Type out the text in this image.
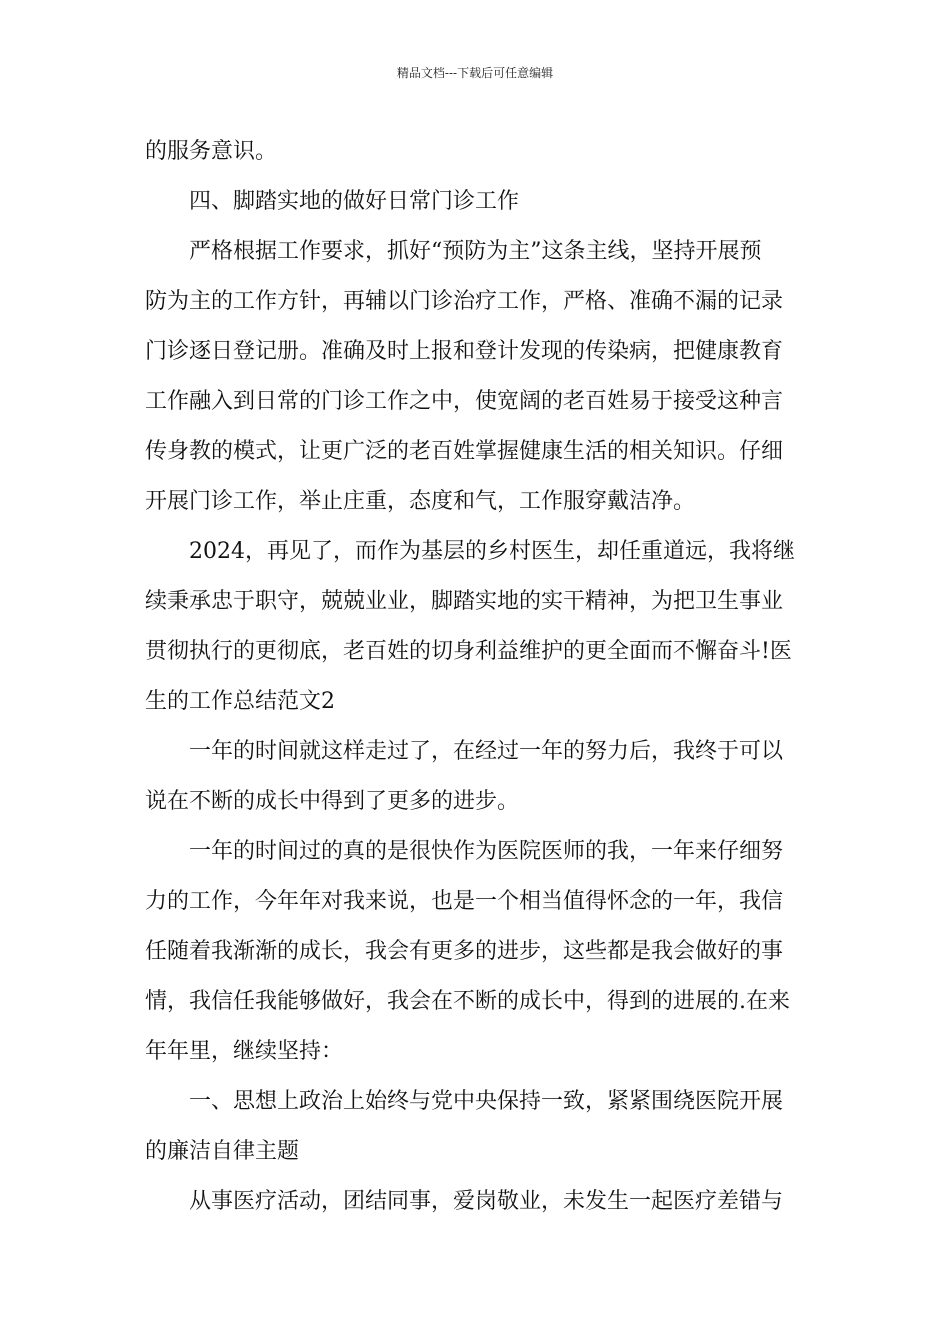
精品文档---下载后可任意编辑

的服务意识。

四、脚踏实地的做好日常门诊工作

严格根据工作要求，抓好“预防为主”这条主线，坚持开展预
防为主的工作方针，再辅以门诊治疗工作，严格、准确不漏的记录
门诊逐日登记册。准确及时上报和登计发现的传染病，把健康教育
工作融入到日常的门诊工作之中，使宽阔的老百姓易于接受这种言
传身教的模式，让更广泛的老百姓掌握健康生活的相关知识。仔细
开展门诊工作，举止庄重，态度和气，工作服穿戴洁净。

2024，再见了，而作为基层的乡村医生，却任重道远，我将继
续秉承忠于职守，兢兢业业，脚踏实地的实干精神，为把卫生事业
贯彻执行的更彻底，老百姓的切身利益维护的更全面而不懈奋斗!医
生的工作总结范文2

一年的时间就这样走过了，在经过一年的努力后，我终于可以
说在不断的成长中得到了更多的进步。

一年的时间过的真的是很快作为医院医师的我，一年来仔细努
力的工作，今年年对我来说，也是一个相当值得怀念的一年，我信
任随着我渐渐的成长，我会有更多的进步，这些都是我会做好的事
情，我信任我能够做好，我会在不断的成长中，得到的进展的.在来
年年里，继续坚持：

一、思想上政治上始终与党中央保持一致，紧紧围绕医院开展
的廉洁自律主题

从事医疗活动，团结同事，爱岗敬业，未发生一起医疗差错与
